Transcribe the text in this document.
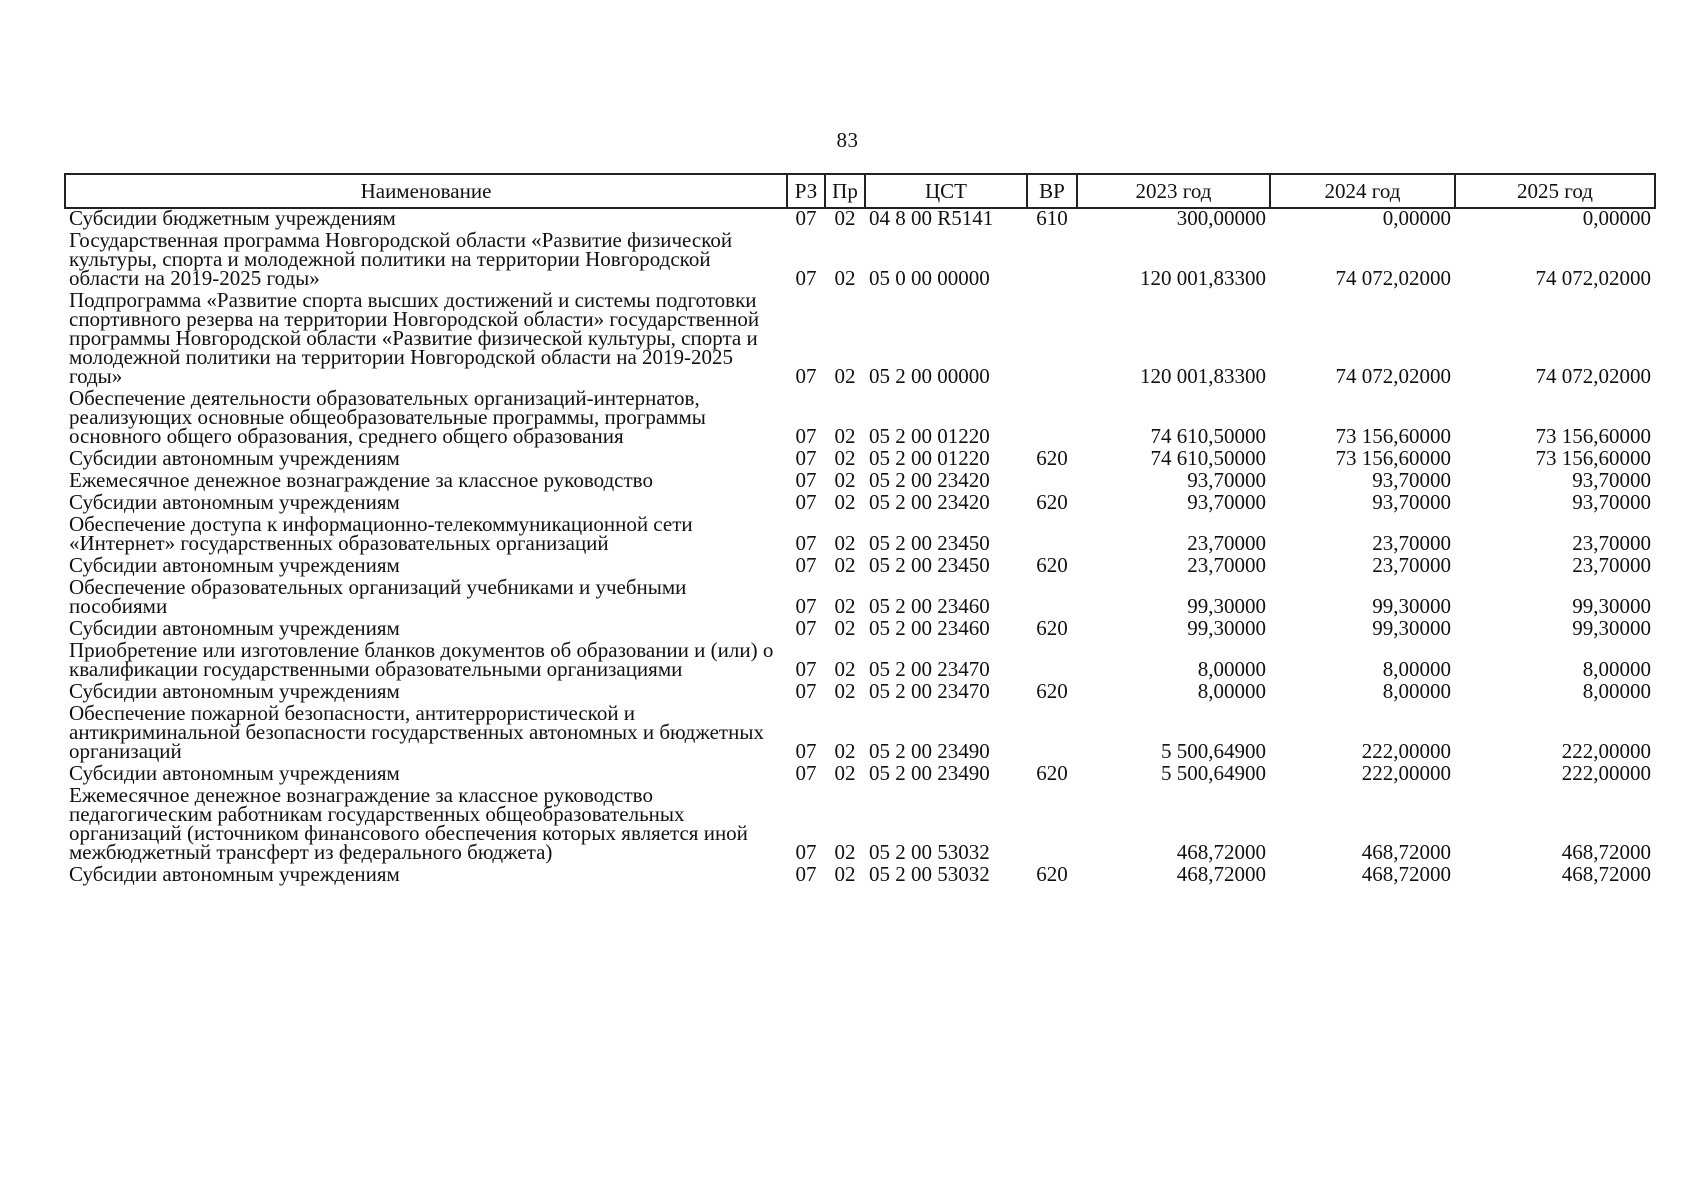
83
Наименование	РЗ	Пр	ЦСТ	ВР	2023 год	2024 год	2025 год
Субсидии бюджетным учреждениям	07	02	04 8 00 R5141	610	300,00000	0,00000	0,00000
Государственная программа Новгородской области «Развитие физической культуры, спорта и молодежной политики на территории Новгородской области на 2019-2025 годы»	07	02	05 0 00 00000		120 001,83300	74 072,02000	74 072,02000
Подпрограмма «Развитие спорта высших достижений и системы подготовки спортивного резерва на территории Новгородской области» государственной программы Новгородской области «Развитие физической культуры, спорта и молодежной политики на территории Новгородской области на 2019-2025 годы»	07	02	05 2 00 00000		120 001,83300	74 072,02000	74 072,02000
Обеспечение деятельности образовательных организаций-интернатов, реализующих основные общеобразовательные программы, программы основного общего образования, среднего общего образования	07	02	05 2 00 01220		74 610,50000	73 156,60000	73 156,60000
Субсидии автономным учреждениям	07	02	05 2 00 01220	620	74 610,50000	73 156,60000	73 156,60000
Ежемесячное денежное вознаграждение за классное руководство	07	02	05 2 00 23420		93,70000	93,70000	93,70000
Субсидии автономным учреждениям	07	02	05 2 00 23420	620	93,70000	93,70000	93,70000
Обеспечение доступа к информационно-телекоммуникационной сети «Интернет» государственных образовательных организаций	07	02	05 2 00 23450		23,70000	23,70000	23,70000
Субсидии автономным учреждениям	07	02	05 2 00 23450	620	23,70000	23,70000	23,70000
Обеспечение образовательных организаций учебниками и учебными пособиями	07	02	05 2 00 23460		99,30000	99,30000	99,30000
Субсидии автономным учреждениям	07	02	05 2 00 23460	620	99,30000	99,30000	99,30000
Приобретение или изготовление бланков документов об образовании и (или) о квалификации государственными образовательными организациями	07	02	05 2 00 23470		8,00000	8,00000	8,00000
Субсидии автономным учреждениям	07	02	05 2 00 23470	620	8,00000	8,00000	8,00000
Обеспечение пожарной безопасности, антитеррористической и антикриминальной безопасности государственных автономных и бюджетных организаций	07	02	05 2 00 23490		5 500,64900	222,00000	222,00000
Субсидии автономным учреждениям	07	02	05 2 00 23490	620	5 500,64900	222,00000	222,00000
Ежемесячное денежное вознаграждение за классное руководство педагогическим работникам государственных общеобразовательных организаций (источником финансового обеспечения которых является иной межбюджетный трансферт из федерального бюджета)	07	02	05 2 00 53032		468,72000	468,72000	468,72000
Субсидии автономным учреждениям	07	02	05 2 00 53032	620	468,72000	468,72000	468,72000
